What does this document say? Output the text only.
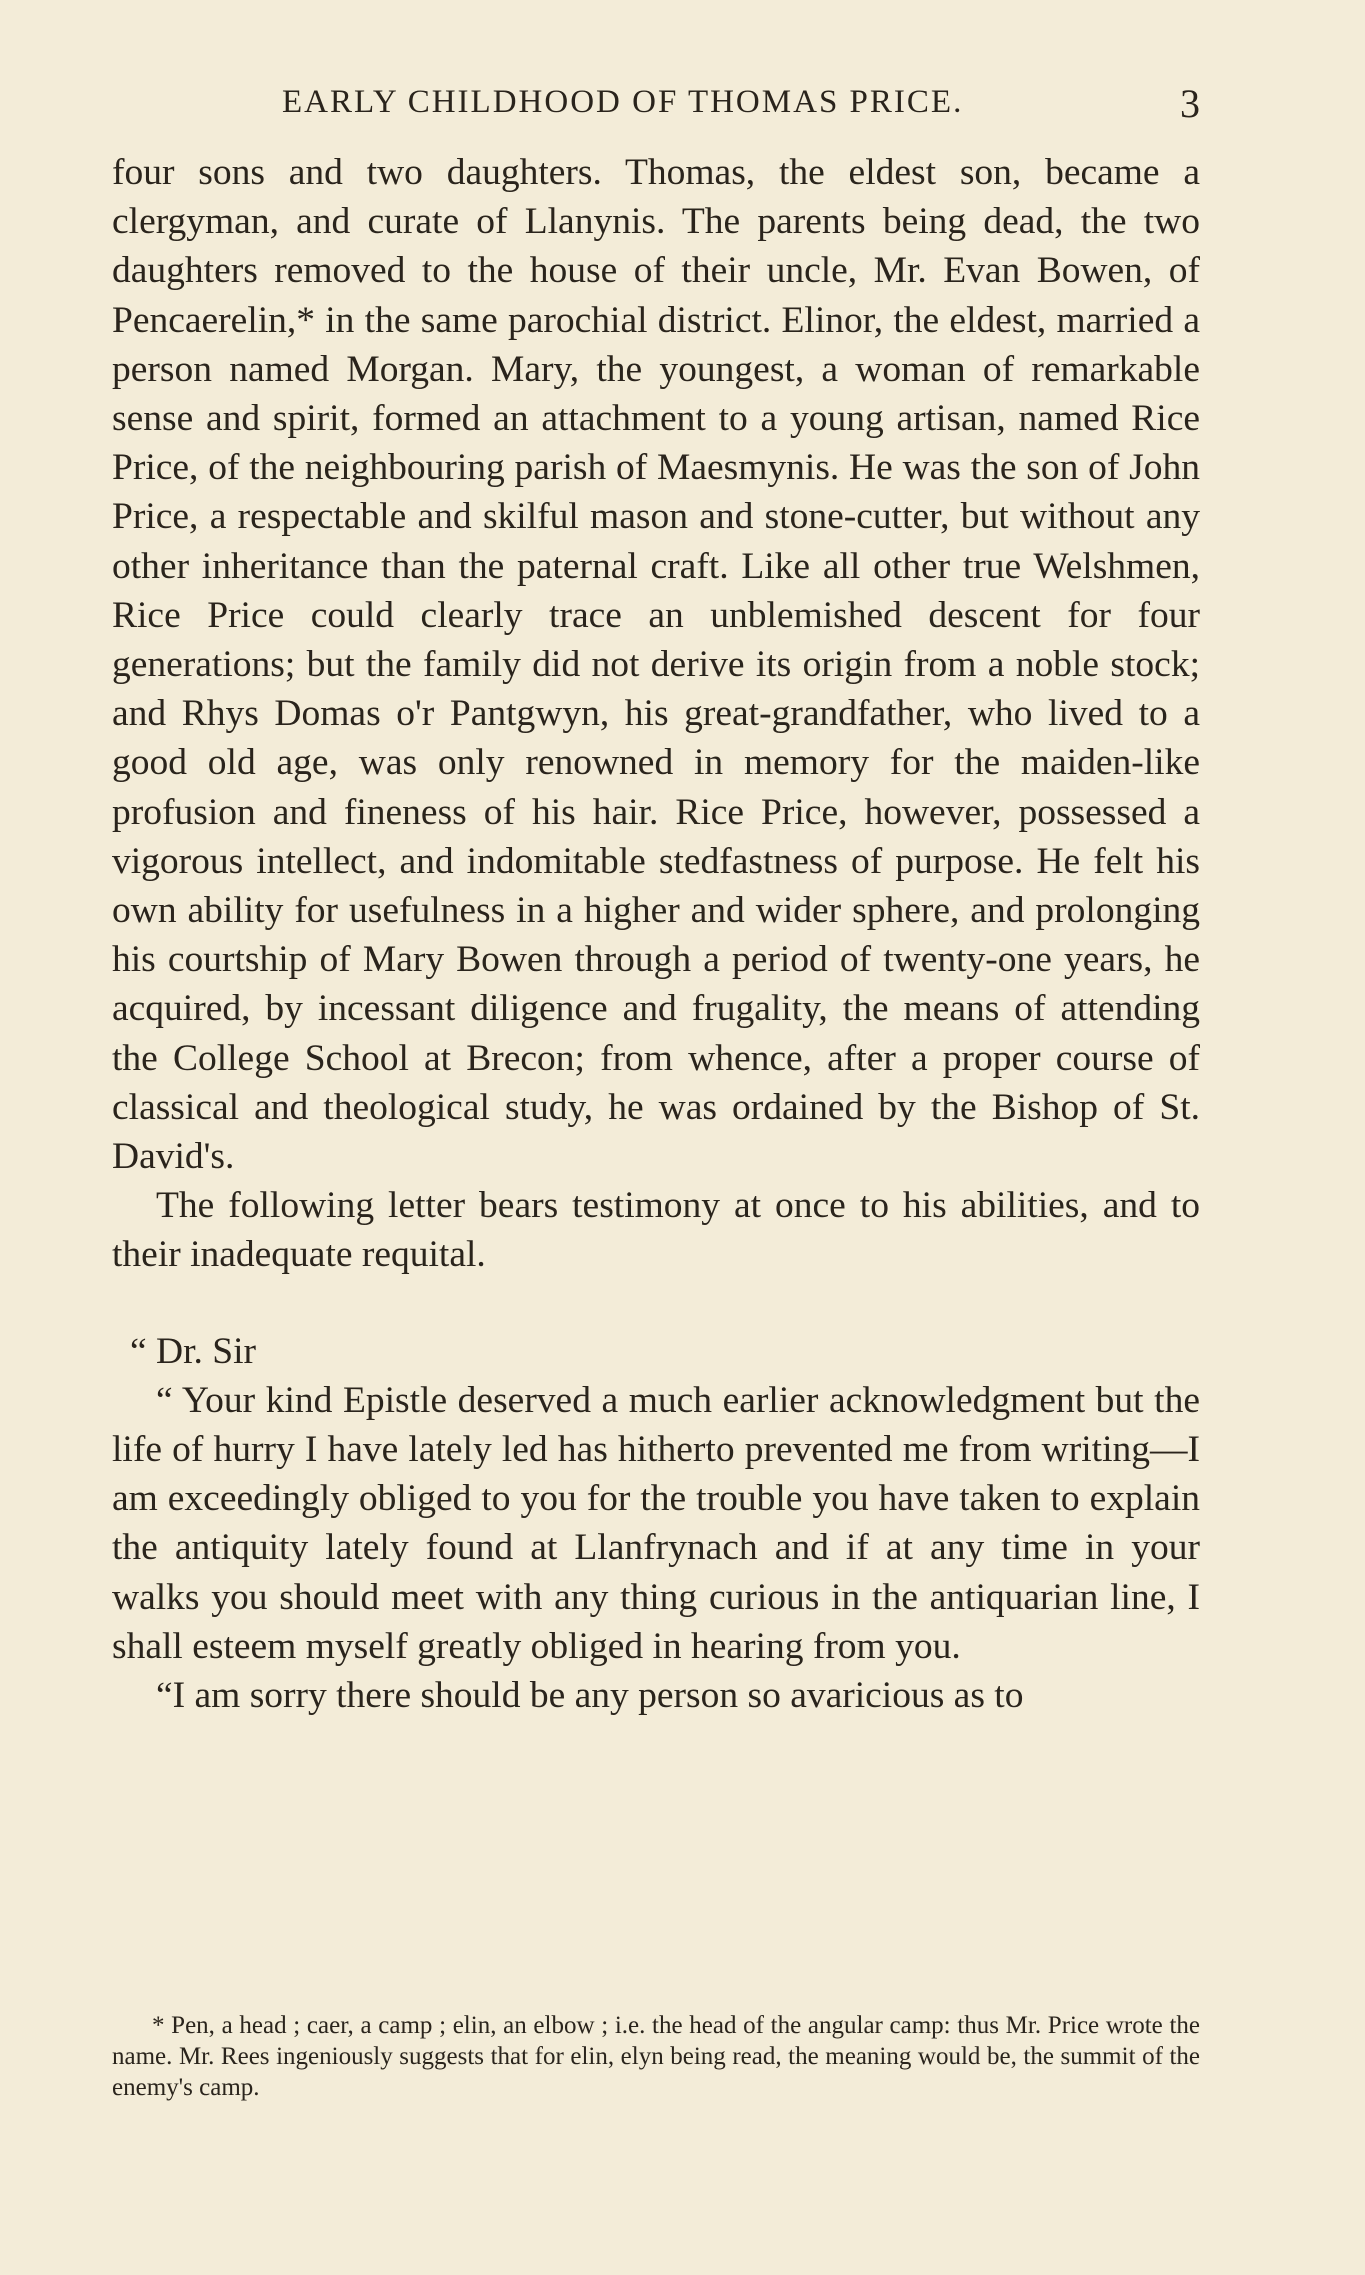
EARLY CHILDHOOD OF THOMAS PRICE.	3

four sons and two daughters. Thomas, the eldest son, became a clergyman, and curate of Llanynis. The parents being dead, the two daughters removed to the house of their uncle, Mr. Evan Bowen, of Pencaerelin,* in the same parochial district. Elinor, the eldest, married a person named Morgan. Mary, the youngest, a woman of remarkable sense and spirit, formed an attachment to a young artisan, named Rice Price, of the neighbouring parish of Maesmynis. He was the son of John Price, a respectable and skilful mason and stone-cutter, but without any other inheritance than the paternal craft. Like all other true Welshmen, Rice Price could clearly trace an unblemished descent for four generations; but the family did not derive its origin from a noble stock; and Rhys Domas o'r Pantgwyn, his great-grandfather, who lived to a good old age, was only renowned in memory for the maiden-like profusion and fineness of his hair. Rice Price, however, possessed a vigorous intellect, and indomitable stedfastness of purpose. He felt his own ability for usefulness in a higher and wider sphere, and prolonging his courtship of Mary Bowen through a period of twenty-one years, he acquired, by incessant diligence and frugality, the means of attending the College School at Brecon; from whence, after a proper course of classical and theological study, he was ordained by the Bishop of St. David's.

The following letter bears testimony at once to his abilities, and to their inadequate requital.

“ Dr. Sir

“ Your kind Epistle deserved a much earlier acknowledgment but the life of hurry I have lately led has hitherto prevented me from writing—I am exceedingly obliged to you for the trouble you have taken to explain the antiquity lately found at Llanfrynach and if at any time in your walks you should meet with any thing curious in the antiquarian line, I shall esteem myself greatly obliged in hearing from you.

“I am sorry there should be any person so avaricious as to

* Pen, a head ; caer, a camp ; elin, an elbow ; i.e. the head of the angular camp: thus Mr. Price wrote the name. Mr. Rees ingeniously suggests that for elin, elyn being read, the meaning would be, the summit of the enemy's camp.
